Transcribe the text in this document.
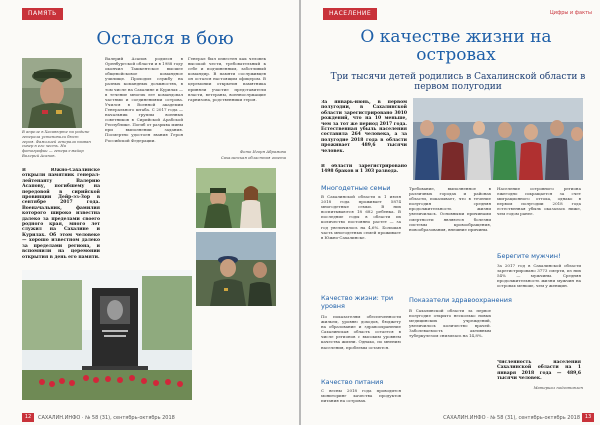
ПАМЯТЬ
Остался в бою
В апреле в Хасавюрте на родине генерала установили бюст героя. Фамилией генерала назван сквер в его честь. На фотографии — генерал-майор Валерий Асапов.
В Южно-Сахалинске открыли памятник генерал-лейтенанту Валерию Асапову, погибшему на передовой в сирийской провинции Дейр-эз-Зор в сентябре 2017 года. Военачальник, фамилия которого широко известна далеко за пределами своего родного края, много лет служил на Сахалине и Курилах. Об этом человеке — хорошо известном далеко за пределами региона, и вспомнили на церемонии открытия в день его памяти.
Валерий Асапов родился в Оренбургской области и в 1988 году окончил Ташкентское высшее общевойсковое командное училище. Проходил службу на разных командных должностях, в том числе на Сахалине и Курилах — в течение многих лет командовал частями и соединениями острова. Учился в Военной академии Генерального штаба. С 2017 года — начальник группы военных советников в Сирийской Арабской Республике. Погиб от разрыва мины при выполнении задания. Посмертно удостоен звания Героя Российской Федерации.
Генерал был известен как человек высокой чести, требовательный к себе и подчиненным, заботливый командир. В памяти сослуживцев он остался настоящим офицером. В церемонии открытия памятника приняли участие представители власти, ветераны, военнослужащие гарнизона, родственники героя.
Фото Игоря Абрамова
Сахалинская областная газета
12	САХАЛИН.ИНФО · № 58 (31), сентябрь-октябрь 2018
НАСЕЛЕНИЕ	Цифры и факты
О качестве жизни на островах
Три тысячи детей родились в Сахалинской области в первом полугодии
За январь-июнь, в первом полугодии, в Сахалинской области зарегистрировано 3010 рождений, что на 10 меньше, чем за тот же период 2017 года. Естественная убыль населения составила 264 человека, а за полугодие 2018 года в области проживает 489,6 тысячи человек.
В области зарегистрировано 1498 браков и 1 303 развода.
Многодетные семьи
В Сахалинской области к 1 июля 2018 года проживает 5874 многодетные семьи. В них воспитываются 18 682 ребенка. В последние годы в области их количество постоянно растет — за год увеличилось на 4,6%. Большая часть многодетных семей проживает в Южно-Сахалинске.
Качество жизни: три уровня
По показателям обеспеченности жильем, уровню доходов, бюджету на образование и здравоохранение Сахалинская область остается в числе регионов с высоким уровнем качества жизни. Однако, по мнению населения, проблемы остаются.
Качество питания
С весны 2018 года проводится мониторинг качества продуктов питания на островах.
Требование, выполненное в различных городах и районах области, показывает, что в течение полугодия средняя продолжительность жизни увеличилась. Основными причинами смертности являются болезни системы кровообращения, новообразования, внешние причины.
Показатели здравоохранения
В Сахалинской области за первое полугодие открыто несколько новых медицинских учреждений, увеличилось количество врачей. Заболеваемость активным туберкулезом снизилась на 14,8%.
Население островного региона ежегодно сокращается за счет миграционного оттока, однако в первом полугодии 2018 года естественная убыль оказалась ниже, чем годом ранее.
Берегите мужчин!
За 2017 год в Сахалинской области зарегистрировано 3773 смерти, из них 54% — мужчины. Средняя продолжительность жизни мужчин на островах меньше, чем у женщин.
Численность населения Сахалинской области на 1 января 2018 года — 489,6 тысячи человек.
Материал подготовлен
САХАЛИН.ИНФО · № 58 (31), сентябрь-октябрь 2018 13
